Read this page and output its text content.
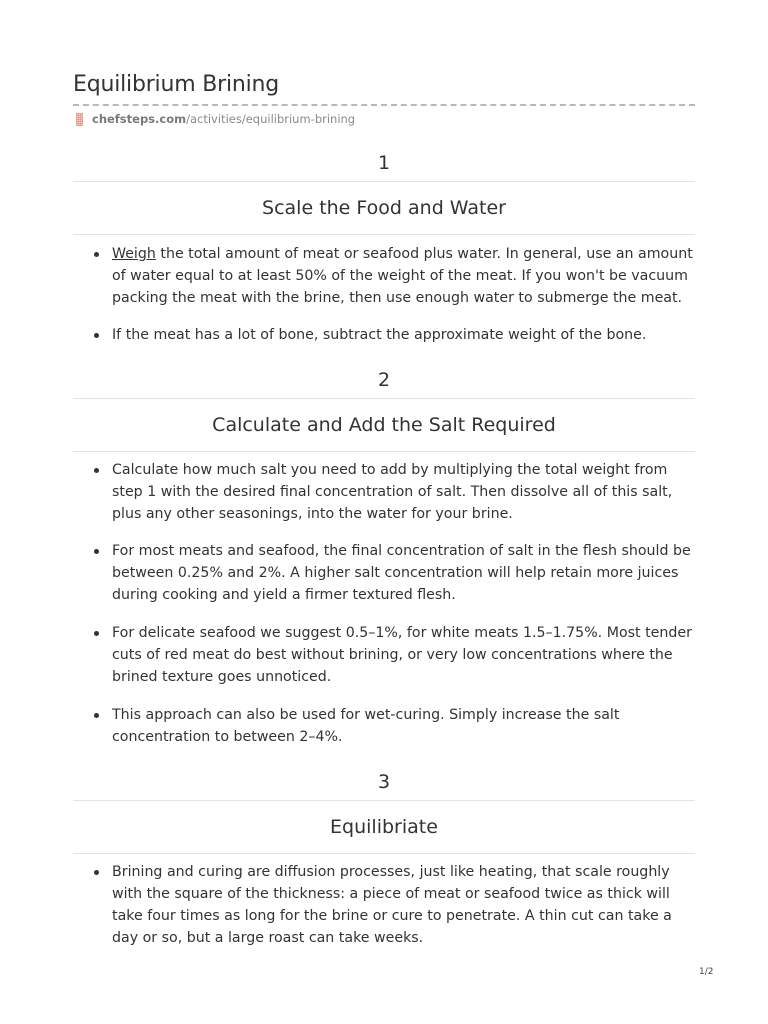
Equilibrium Brining
chefsteps.com /activities/equilibrium-brining
1
Scale the Food and Water
Weigh the total amount of meat or seafood plus water. In general, use an amount of water equal to at least 50% of the weight of the meat. If you won't be vacuum packing the meat with the brine, then use enough water to submerge the meat.
If the meat has a lot of bone, subtract the approximate weight of the bone.
2
Calculate and Add the Salt Required
Calculate how much salt you need to add by multiplying the total weight from step 1 with the desired final concentration of salt. Then dissolve all of this salt, plus any other seasonings, into the water for your brine.
For most meats and seafood, the final concentration of salt in the flesh should be between 0.25% and 2%. A higher salt concentration will help retain more juices during cooking and yield a firmer textured flesh.
For delicate seafood we suggest 0.5–1%, for white meats 1.5–1.75%. Most tender cuts of red meat do best without brining, or very low concentrations where the brined texture goes unnoticed.
This approach can also be used for wet-curing. Simply increase the salt concentration to between 2–4%.
3
Equilibriate
Brining and curing are diffusion processes, just like heating, that scale roughly with the square of the thickness: a piece of meat or seafood twice as thick will take four times as long for the brine or cure to penetrate. A thin cut can take a day or so, but a large roast can take weeks.
1/2
